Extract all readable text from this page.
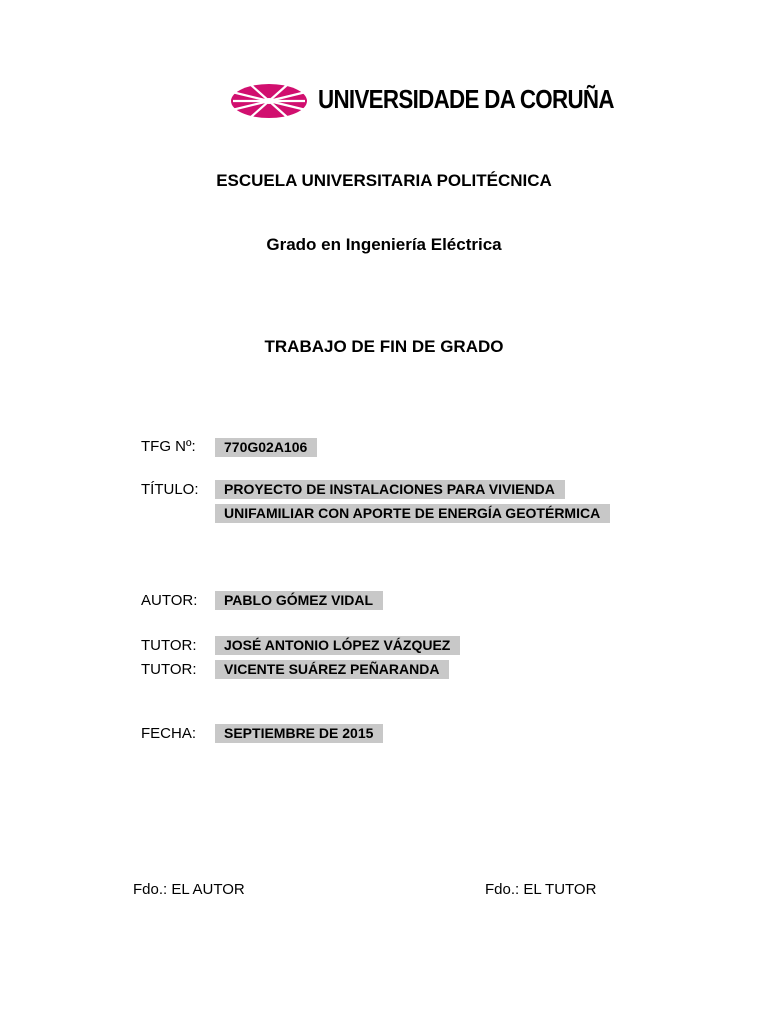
UNIVERSIDADE DA CORUÑA
ESCUELA UNIVERSITARIA POLITÉCNICA
Grado en Ingeniería Eléctrica
TRABAJO DE FIN DE GRADO
TFG Nº:	770G02A106
TÍTULO:	PROYECTO DE INSTALACIONES PARA VIVIENDA
UNIFAMILIAR CON APORTE DE ENERGÍA GEOTÉRMICA
AUTOR:	PABLO GÓMEZ VIDAL
TUTOR:	JOSÉ ANTONIO LÓPEZ VÁZQUEZ
TUTOR:	VICENTE SUÁREZ PEÑARANDA
FECHA:	SEPTIEMBRE DE 2015
Fdo.: EL AUTOR	Fdo.: EL TUTOR
